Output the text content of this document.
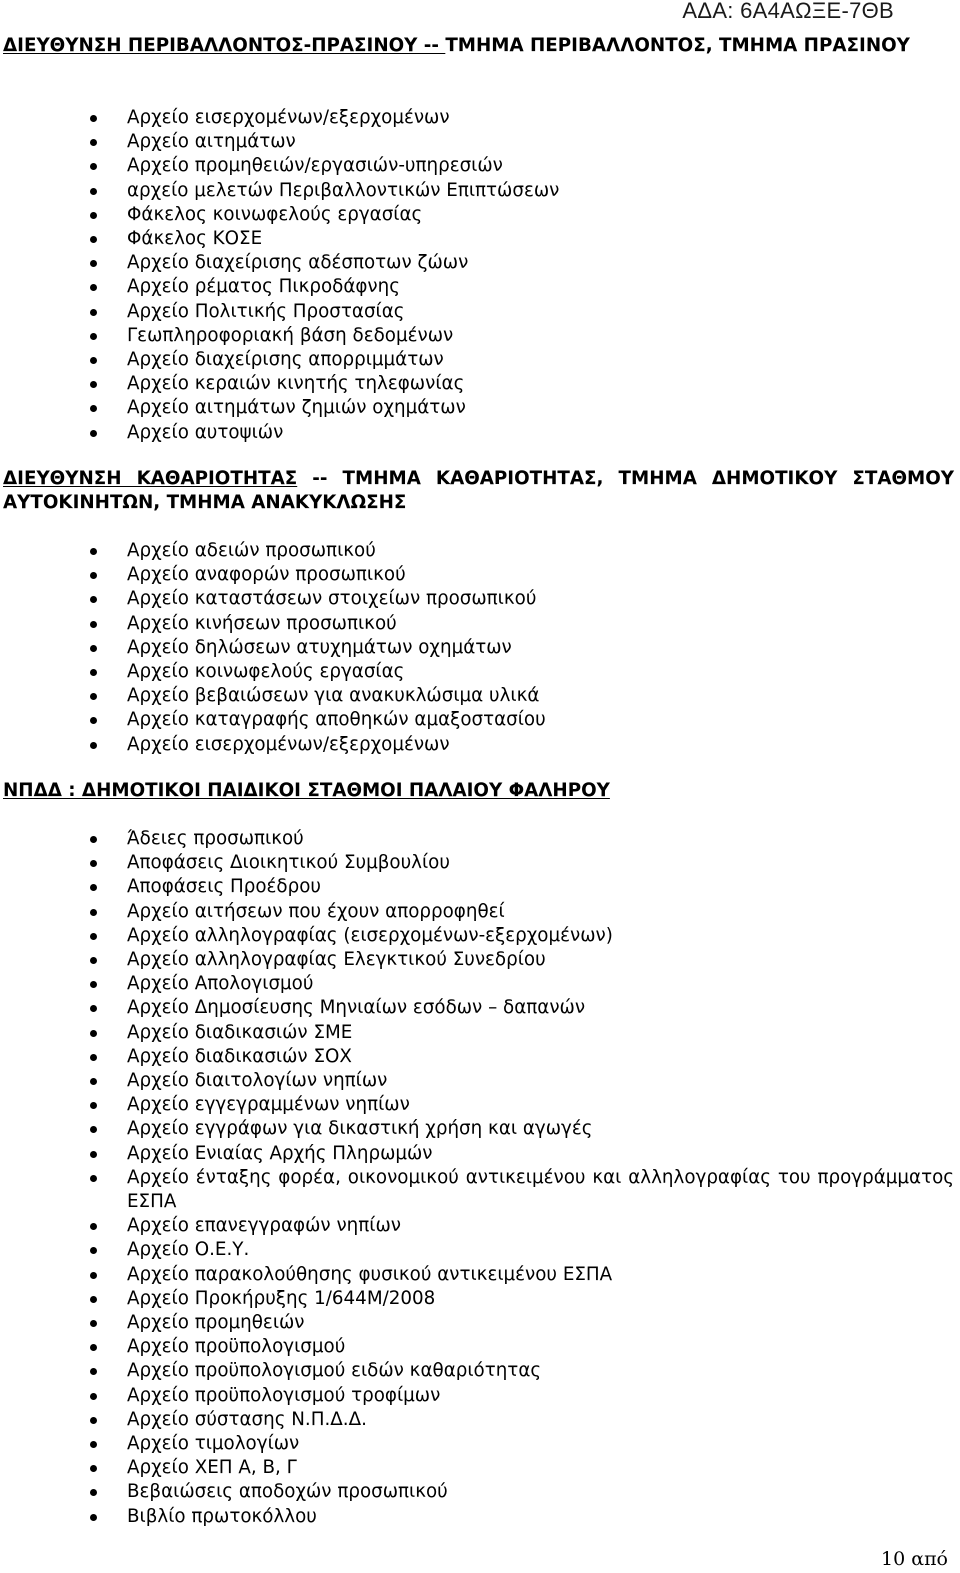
ΑΔΑ: 6Α4ΑΩΞΕ-7ΘΒ
ΔΙΕΥΘΥΝΣΗ ΠΕΡΙΒΑΛΛΟΝΤΟΣ-ΠΡΑΣΙΝΟΥ -- ΤΜΗΜΑ ΠΕΡΙΒΑΛΛΟΝΤΟΣ, ΤΜΗΜΑ ΠΡΑΣΙΝΟΥ
Αρχείο εισερχομένων/εξερχομένων
Αρχείο αιτημάτων
Αρχείο προμηθειών/εργασιών-υπηρεσιών
αρχείο μελετών Περιβαλλοντικών Επιπτώσεων
Φάκελος κοινωφελούς εργασίας
Φάκελος ΚΟΣΕ
Αρχείο διαχείρισης αδέσποτων ζώων
Αρχείο ρέματος Πικροδάφνης
Αρχείο Πολιτικής Προστασίας
Γεωπληροφοριακή βάση δεδομένων
Αρχείο διαχείρισης απορριμμάτων
Αρχείο κεραιών κινητής τηλεφωνίας
Αρχείο αιτημάτων ζημιών οχημάτων
Αρχείο αυτοψιών
ΔΙΕΥΘΥΝΣΗ ΚΑΘΑΡΙΟΤΗΤΑΣ -- ΤΜΗΜΑ ΚΑΘΑΡΙΟΤΗΤΑΣ, ΤΜΗΜΑ ΔΗΜΟΤΙΚΟΥ ΣΤΑΘΜΟΥ ΑΥΤΟΚΙΝΗΤΩΝ, ΤΜΗΜΑ ΑΝΑΚΥΚΛΩΣΗΣ
Αρχείο αδειών προσωπικού
Αρχείο αναφορών προσωπικού
Αρχείο καταστάσεων στοιχείων προσωπικού
Αρχείο κινήσεων προσωπικού
Αρχείο δηλώσεων ατυχημάτων οχημάτων
Αρχείο κοινωφελούς εργασίας
Αρχείο βεβαιώσεων για ανακυκλώσιμα υλικά
Αρχείο καταγραφής αποθηκών αμαξοστασίου
Αρχείο εισερχομένων/εξερχομένων
ΝΠΔΔ : ΔΗΜΟΤΙΚΟΙ ΠΑΙΔΙΚΟΙ ΣΤΑΘΜΟΙ ΠΑΛΑΙΟΥ ΦΑΛΗΡΟΥ
Άδειες προσωπικού
Αποφάσεις Διοικητικού Συμβουλίου
Αποφάσεις Προέδρου
Αρχείο αιτήσεων που έχουν απορροφηθεί
Αρχείο αλληλογραφίας (εισερχομένων-εξερχομένων)
Αρχείο αλληλογραφίας Ελεγκτικού Συνεδρίου
Αρχείο Απολογισμού
Αρχείο Δημοσίευσης Μηνιαίων εσόδων – δαπανών
Αρχείο διαδικασιών ΣΜΕ
Αρχείο διαδικασιών ΣΟΧ
Αρχείο διαιτολογίων νηπίων
Αρχείο εγγεγραμμένων νηπίων
Αρχείο εγγράφων για δικαστική χρήση και αγωγές
Αρχείο Ενιαίας Αρχής Πληρωμών
Αρχείο ένταξης φορέα, οικονομικού αντικειμένου και αλληλογραφίας του προγράμματος ΕΣΠΑ
Αρχείο επανεγγραφών νηπίων
Αρχείο Ο.Ε.Υ.
Αρχείο παρακολούθησης φυσικού αντικειμένου ΕΣΠΑ
Αρχείο Προκήρυξης 1/644Μ/2008
Αρχείο προμηθειών
Αρχείο προϋπολογισμού
Αρχείο προϋπολογισμού ειδών καθαριότητας
Αρχείο προϋπολογισμού τροφίμων
Αρχείο σύστασης Ν.Π.Δ.Δ.
Αρχείο τιμολογίων
Αρχείο ΧΕΠ Α, Β, Γ
Βεβαιώσεις αποδοχών προσωπικού
Βιβλίο πρωτοκόλλου
10 από
